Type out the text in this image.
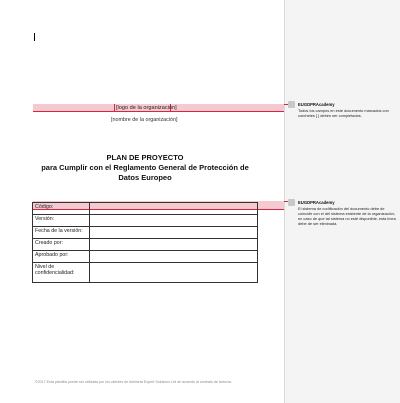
[logo de la organización]
[nombre de la organización]
PLAN DE PROYECTO
para Cumplir con el Reglamento General de Protección de Datos Europeo
Código:	
Versión:	
Fecha de la versión:	
Creado por:	
Aprobado por:	
Nivel de confidencialidad:	
©2017 Esta plantilla puede ser utilizada por los clientes de Advisera Expert Solutions Ltd de acuerdo al contrato de licencia.
EUGDPRAcademy
Todos los campos en este documento marcados con corchetes [ ] deben ser completados.
EUGDPRAcademy
El sistema de codificación del documento debe de coincidir con el del sistema existente de la organización; en caso de que tal sistema no esté disponible, esta línea debe de ser eliminada.
